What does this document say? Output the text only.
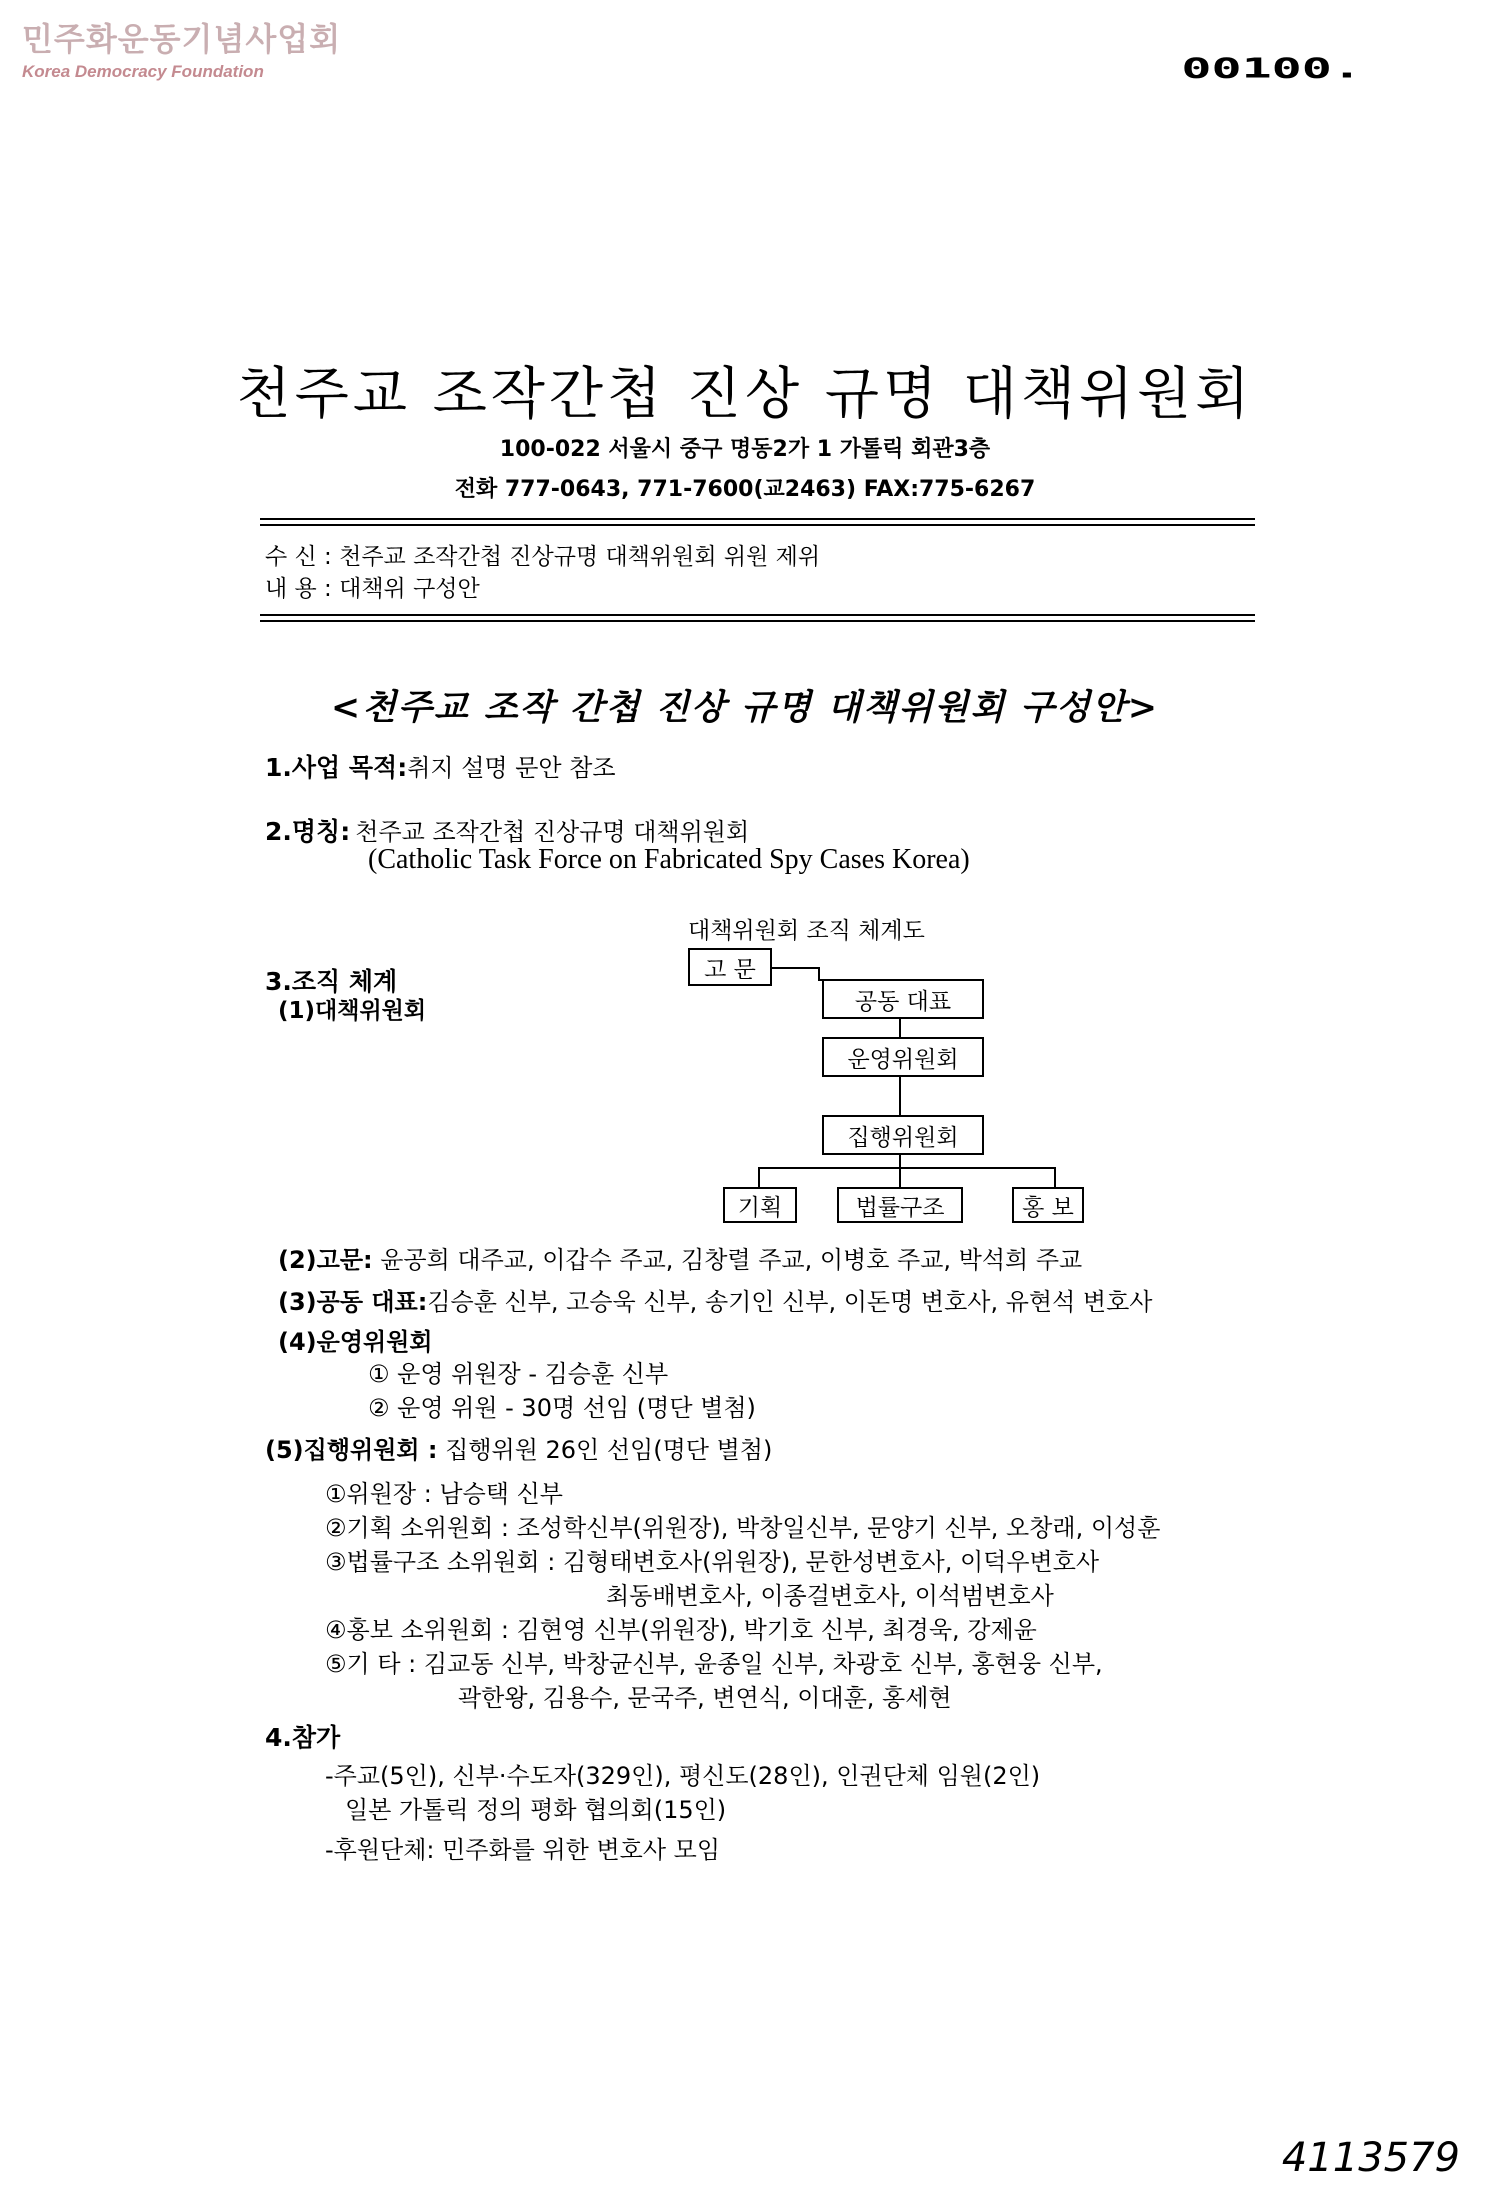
민주화운동기념사업회
Korea Democracy Foundation	00100.
천주교 조작간첩 진상 규명 대책위원회
100-022 서울시 중구 명동2가 1 가톨릭 회관3층
전화 777-0643, 771-7600(교2463) FAX:775-6267
수 신 : 천주교 조작간첩 진상규명 대책위원회 위원 제위
내 용 : 대책위 구성안
<천주교 조작 간첩 진상 규명 대책위원회 구성안>
1.사업 목적:취지 설명 문안 참조
2.명칭: 천주교 조작간첩 진상규명 대책위원회
(Catholic Task Force on Fabricated Spy Cases Korea)
3.조직 체계
(1)대책위원회
대책위원회 조직 체계도
고 문
공동 대표
운영위원회
집행위원회
기획	법률구조	홍 보
(2)고문: 윤공희 대주교, 이갑수 주교, 김창렬 주교, 이병호 주교, 박석희 주교
(3)공동 대표:김승훈 신부, 고승욱 신부, 송기인 신부, 이돈명 변호사, 유현석 변호사
(4)운영위원회
① 운영 위원장 - 김승훈 신부
② 운영 위원 - 30명 선임 (명단 별첨)
(5)집행위원회 : 집행위원 26인 선임(명단 별첨)
①위원장 : 남승택 신부
②기획 소위원회 : 조성학신부(위원장), 박창일신부, 문양기 신부, 오창래, 이성훈
③법률구조 소위원회 : 김형태변호사(위원장), 문한성변호사, 이덕우변호사
최동배변호사, 이종걸변호사, 이석범변호사
④홍보 소위원회 : 김현영 신부(위원장), 박기호 신부, 최경욱, 강제윤
⑤기 타 : 김교동 신부, 박창균신부, 윤종일 신부, 차광호 신부, 홍현웅 신부,
곽한왕, 김용수, 문국주, 변연식, 이대훈, 홍세현
4.참가
-주교(5인), 신부·수도자(329인), 평신도(28인), 인권단체 임원(2인)
일본 가톨릭 정의 평화 협의회(15인)
-후원단체: 민주화를 위한 변호사 모임
4113579
